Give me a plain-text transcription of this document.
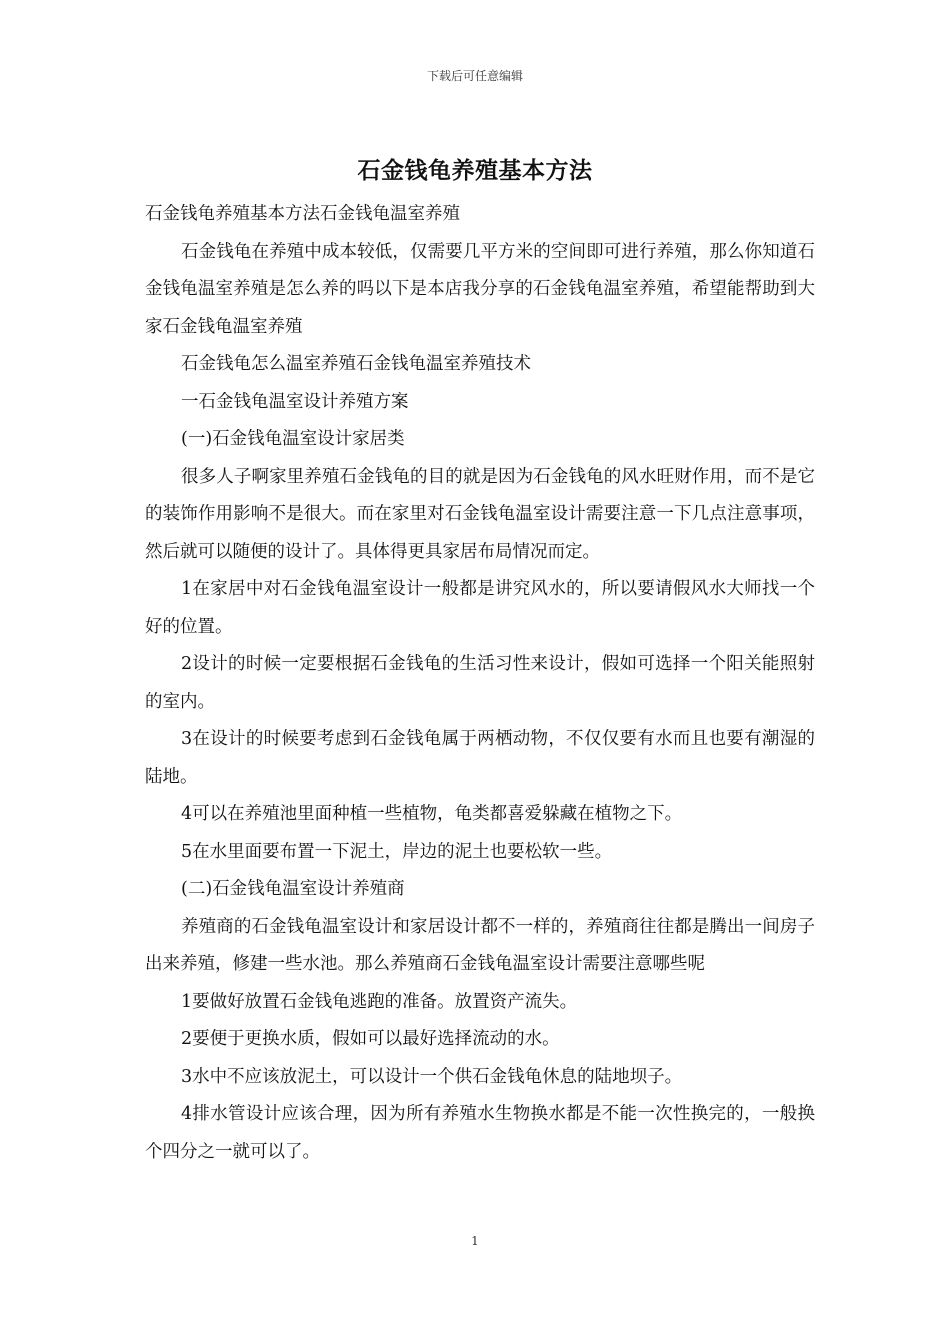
下载后可任意编辑
石金钱龟养殖基本方法

石金钱龟养殖基本方法石金钱龟温室养殖

石金钱龟在养殖中成本较低，仅需要几平方米的空间即可进行养殖，那么你知道石金钱龟温室养殖是怎么养的吗以下是本店我分享的石金钱龟温室养殖，希望能帮助到大家石金钱龟温室养殖

石金钱龟怎么温室养殖石金钱龟温室养殖技术

一石金钱龟温室设计养殖方案

(一)石金钱龟温室设计家居类

很多人子啊家里养殖石金钱龟的目的就是因为石金钱龟的风水旺财作用，而不是它的装饰作用影响不是很大。而在家里对石金钱龟温室设计需要注意一下几点注意事项，然后就可以随便的设计了。具体得更具家居布局情况而定。

1在家居中对石金钱龟温室设计一般都是讲究风水的，所以要请假风水大师找一个好的位置。

2设计的时候一定要根据石金钱龟的生活习性来设计，假如可选择一个阳关能照射的室内。

3在设计的时候要考虑到石金钱龟属于两栖动物，不仅仅要有水而且也要有潮湿的陆地。

4可以在养殖池里面种植一些植物，龟类都喜爱躲藏在植物之下。

5在水里面要布置一下泥土，岸边的泥土也要松软一些。

(二)石金钱龟温室设计养殖商

养殖商的石金钱龟温室设计和家居设计都不一样的，养殖商往往都是腾出一间房子出来养殖，修建一些水池。那么养殖商石金钱龟温室设计需要注意哪些呢

1要做好放置石金钱龟逃跑的准备。放置资产流失。

2要便于更换水质，假如可以最好选择流动的水。

3水中不应该放泥土，可以设计一个供石金钱龟休息的陆地坝子。

4排水管设计应该合理，因为所有养殖水生物换水都是不能一次性换完的，一般换个四分之一就可以了。

1
